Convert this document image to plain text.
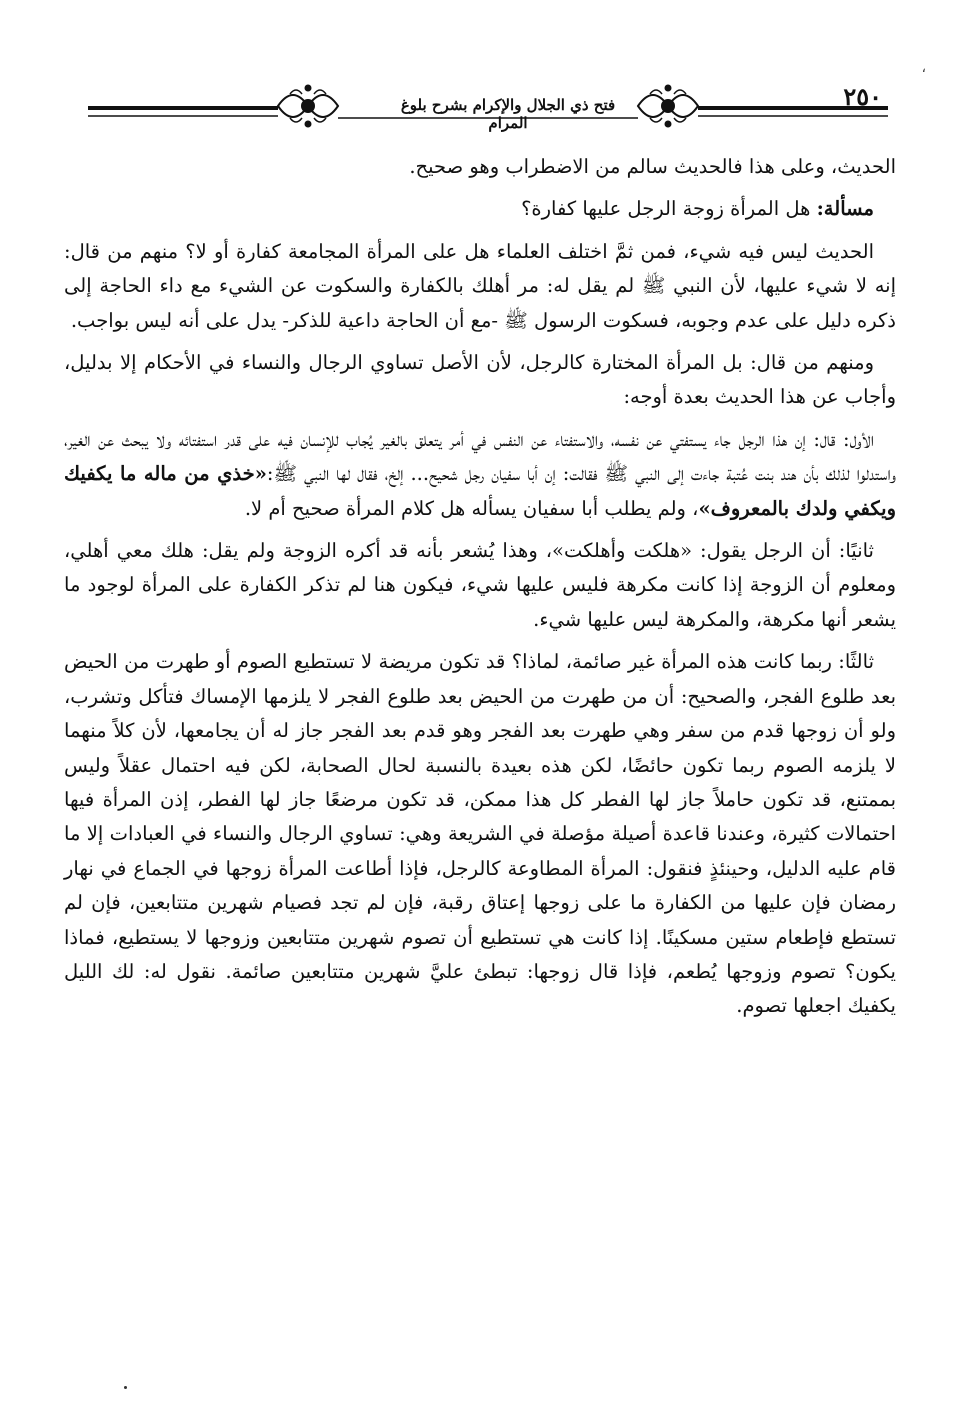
،
فتح ذي الجلال والإكرام بشرح بلوغ المرام
٢٥٠

الحديث، وعلى هذا فالحديث سالم من الاضطراب وهو صحيح.

مسألة: هل المرأة زوجة الرجل عليها كفارة؟

الحديث ليس فيه شيء، فمن ثمَّ اختلف العلماء هل على المرأة المجامعة كفارة أو لا؟ منهم من قال: إنه لا شيء عليها، لأن النبي ﷺ لم يقل له: مر أهلك بالكفارة والسكوت عن الشيء مع داء الحاجة إلى ذكره دليل على عدم وجوبه، فسكوت الرسول ﷺ -مع أن الحاجة داعية للذكر- يدل على أنه ليس بواجب.

ومنهم من قال: بل المرأة المختارة كالرجل، لأن الأصل تساوي الرجال والنساء في الأحكام إلا بدليل، وأجاب عن هذا الحديث بعدة أوجه:

الأول: قال: إن هذا الرجل جاء يستفتي عن نفسه، والاستفتاء عن النفس في أمر يتعلق بالغير يُجاب للإنسان فيه على قدر استفتائه ولا يبحث عن الغير، واستدلوا لذلك بأن هند بنت عُتبة جاءت إلى النبي ﷺ فقالت: إن أبا سفيان رجل شحيح... إلخ، فقال لها النبي ﷺ:«خذي من ماله ما يكفيك ويكفي ولدك بالمعروف»، ولم يطلب أبا سفيان يسأله هل كلام المرأة صحيح أم لا.

ثانيًا: أن الرجل يقول: «هلكت وأهلكت»، وهذا يُشعر بأنه قد أكره الزوجة ولم يقل: هلك معي أهلي، ومعلوم أن الزوجة إذا كانت مكرهة فليس عليها شيء، فيكون هنا لم تذكر الكفارة على المرأة لوجود ما يشعر أنها مكرهة، والمكرهة ليس عليها شيء.

ثالثًا: ربما كانت هذه المرأة غير صائمة، لماذا؟ قد تكون مريضة لا تستطيع الصوم أو طهرت من الحيض بعد طلوع الفجر، والصحيح: أن من طهرت من الحيض بعد طلوع الفجر لا يلزمها الإمساك فتأكل وتشرب، ولو أن زوجها قدم من سفر وهي طهرت بعد الفجر وهو قدم بعد الفجر جاز له أن يجامعها، لأن كلاً منهما لا يلزمه الصوم ربما تكون حائضًا، لكن هذه بعيدة بالنسبة لحال الصحابة، لكن فيه احتمال عقلاً وليس بممتنع، قد تكون حاملاً جاز لها الفطر كل هذا ممكن، قد تكون مرضعًا جاز لها الفطر، إذن المرأة فيها احتمالات كثيرة، وعندنا قاعدة أصيلة مؤصلة في الشريعة وهي: تساوي الرجال والنساء في العبادات إلا ما قام عليه الدليل، وحينئذٍ فنقول: المرأة المطاوعة كالرجل، فإذا أطاعت المرأة زوجها في الجماع في نهار رمضان فإن عليها من الكفارة ما على زوجها إعتاق رقبة، فإن لم تجد فصيام شهرين متتابعين، فإن لم تستطع فإطعام ستين مسكينًا. إذا كانت هي تستطيع أن تصوم شهرين متتابعين وزوجها لا يستطيع، فماذا يكون؟ تصوم وزوجها يُطعم، فإذا قال زوجها: تبطئ عليَّ شهرين متتابعين صائمة. نقول له: لك الليل يكفيك اجعلها تصوم.
